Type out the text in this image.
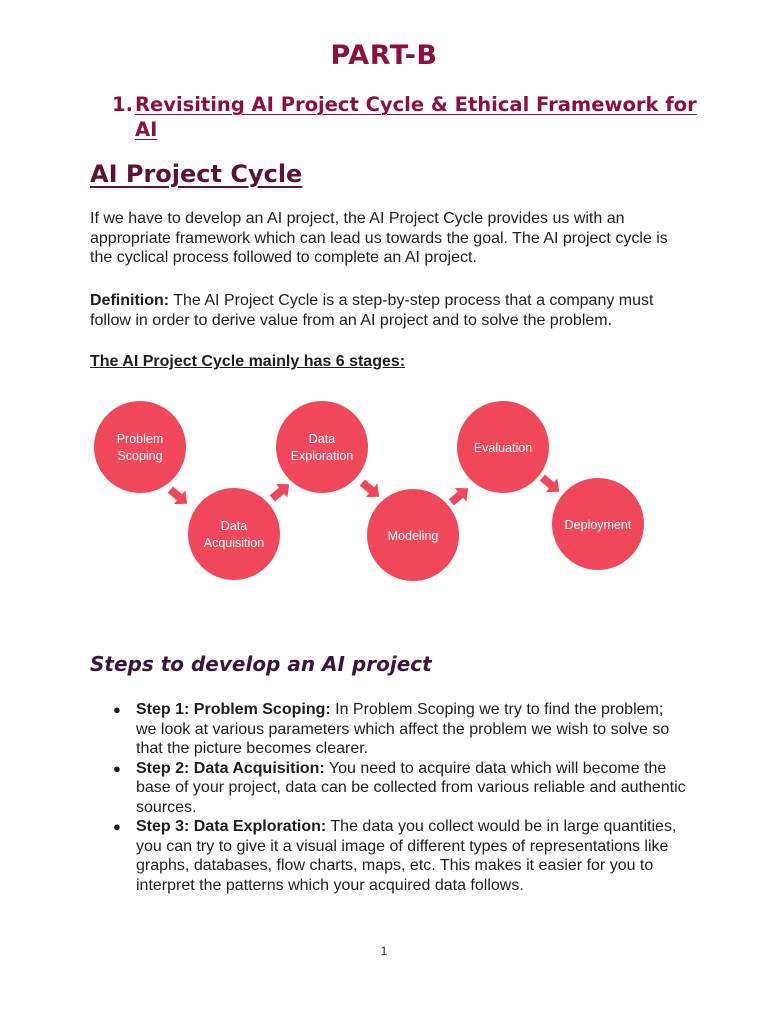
PART-B
1. Revisiting AI Project Cycle & Ethical Framework for AI
AI Project Cycle

If we have to develop an AI project, the AI Project Cycle provides us with an appropriate framework which can lead us towards the goal. The AI project cycle is the cyclical process followed to complete an AI project.

Definition: The AI Project Cycle is a step-by-step process that a company must follow in order to derive value from an AI project and to solve the problem.

The AI Project Cycle mainly has 6 stages:

Problem
Scoping
Data
Acquisition
Data
Exploration
Modeling
Evaluation
Deployment
Steps to develop an AI project
● Step 1: Problem Scoping: In Problem Scoping we try to find the problem; we look at various parameters which affect the problem we wish to solve so that the picture becomes clearer.
● Step 2: Data Acquisition: You need to acquire data which will become the base of your project, data can be collected from various reliable and authentic sources.
● Step 3: Data Exploration: The data you collect would be in large quantities, you can try to give it a visual image of different types of representations like graphs, databases, flow charts, maps, etc. This makes it easier for you to interpret the patterns which your acquired data follows.

1
